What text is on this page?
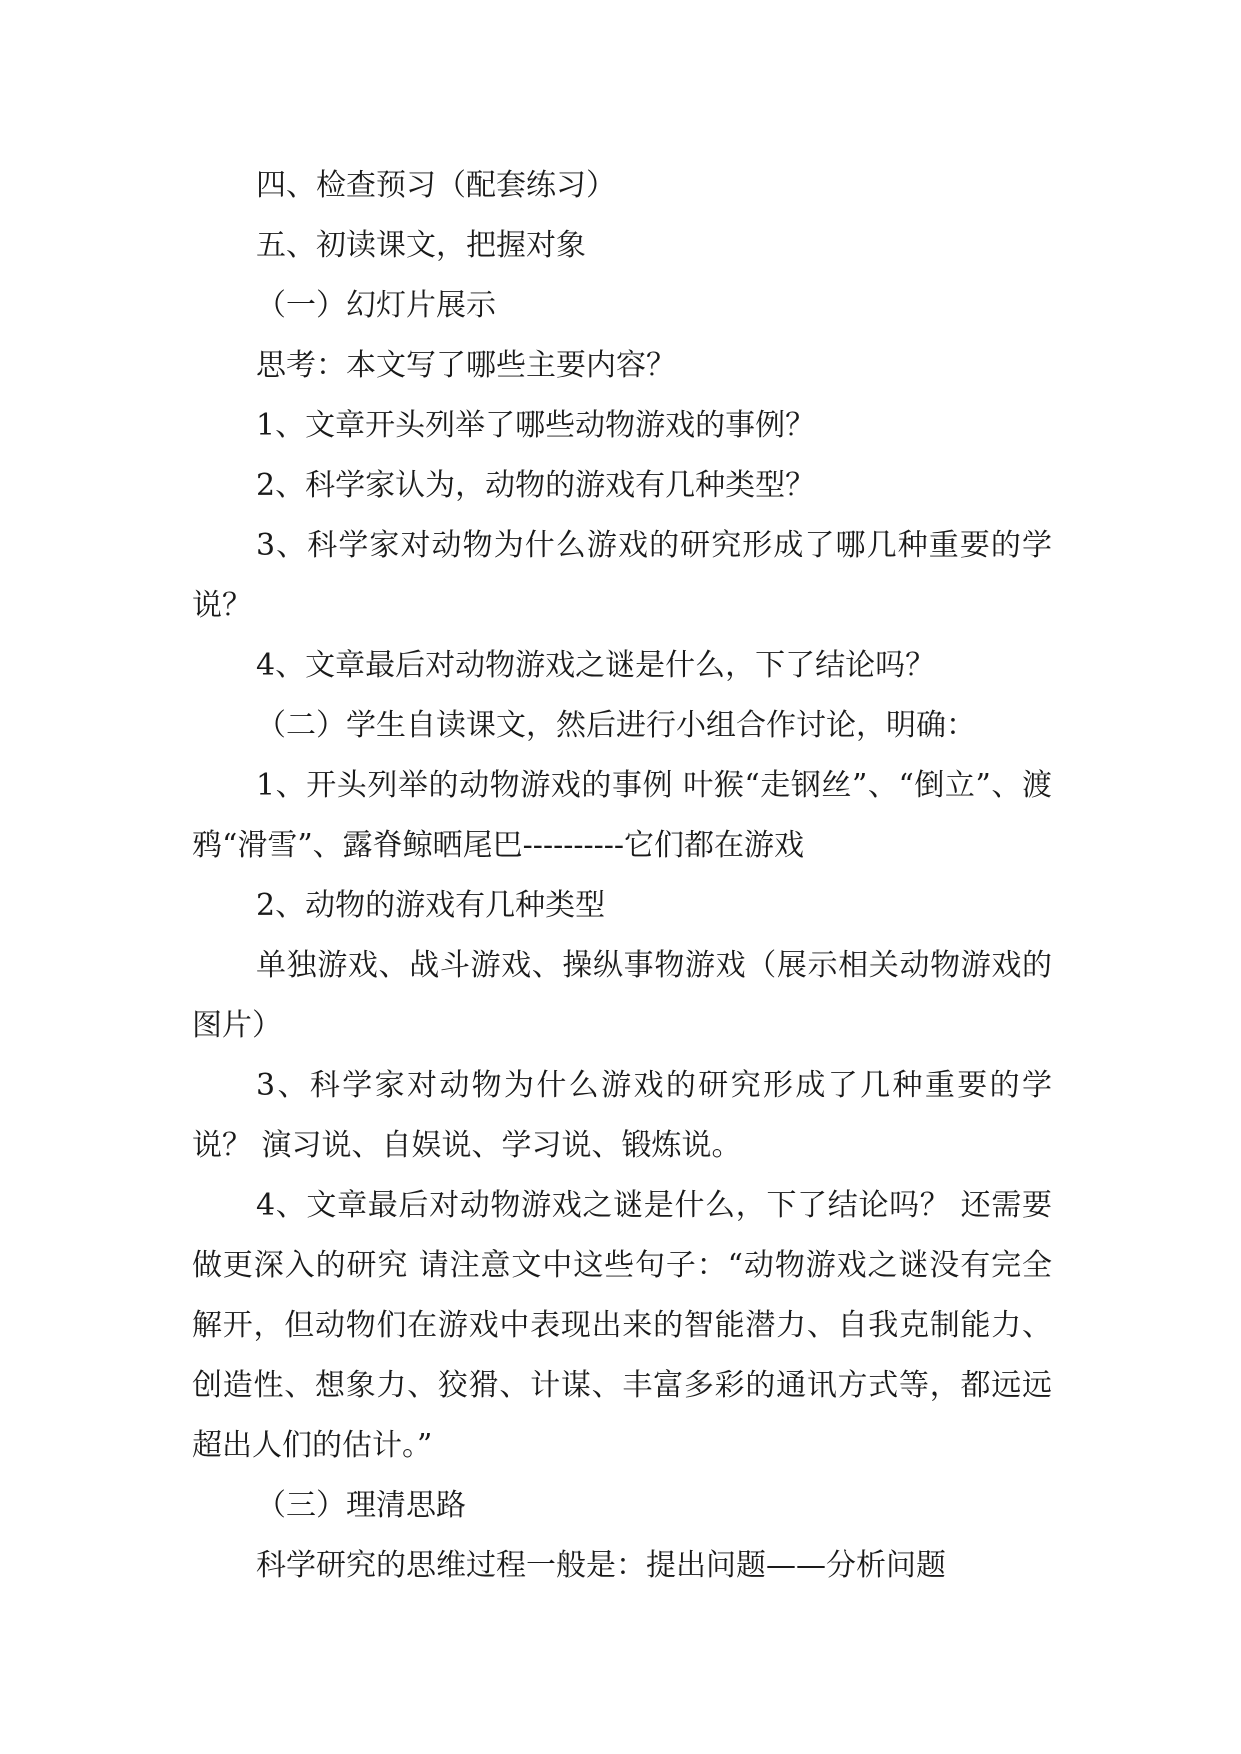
四、检查预习（配套练习）

五、初读课文，把握对象

（一）幻灯片展示

思考：本文写了哪些主要内容？

1、文章开头列举了哪些动物游戏的事例？

2、科学家认为，动物的游戏有几种类型？

3、科学家对动物为什么游戏的研究形成了哪几种重要的学说？

4、文章最后对动物游戏之谜是什么，下了结论吗？

（二）学生自读课文，然后进行小组合作讨论，明确：

1、开头列举的动物游戏的事例 叶猴“走钢丝”、“倒立”、渡鸦“滑雪”、露脊鲸晒尾巴----------它们都在游戏

2、动物的游戏有几种类型

单独游戏、战斗游戏、操纵事物游戏（展示相关动物游戏的图片）

3、科学家对动物为什么游戏的研究形成了几种重要的学说？ 演习说、自娱说、学习说、锻炼说。

4、文章最后对动物游戏之谜是什么，下了结论吗？ 还需要做更深入的研究 请注意文中这些句子：“动物游戏之谜没有完全解开，但动物们在游戏中表现出来的智能潜力、自我克制能力、创造性、想象力、狡猾、计谋、丰富多彩的通讯方式等，都远远超出人们的估计。”

（三）理清思路

科学研究的思维过程一般是：提出问题——分析问题
